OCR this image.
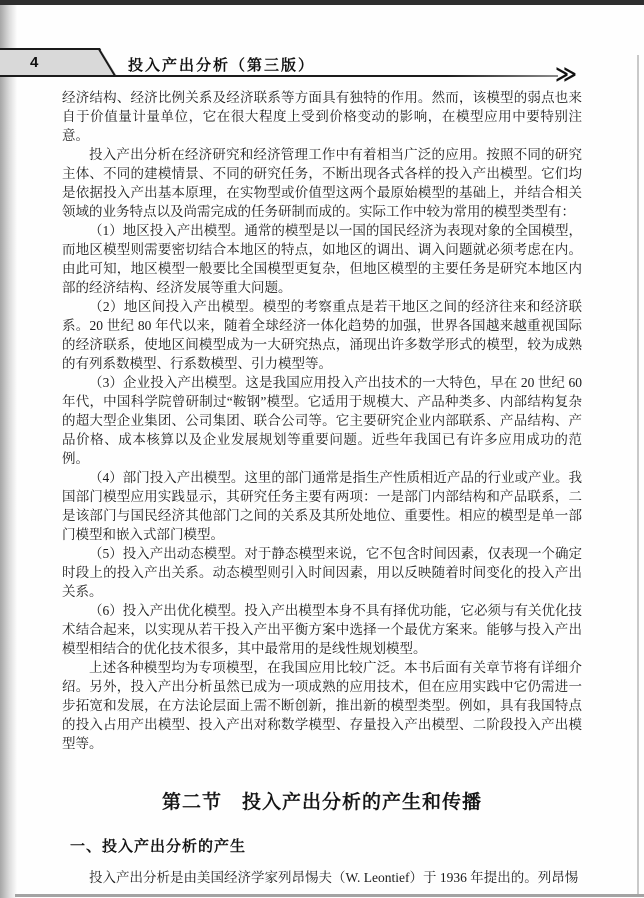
4	投入产出分析（第三版）	≫

经济结构、经济比例关系及经济联系等方面具有独特的作用。然而，该模型的弱点也来自于价值量计量单位，它在很大程度上受到价格变动的影响，在模型应用中要特别注意。

投入产出分析在经济研究和经济管理工作中有着相当广泛的应用。按照不同的研究主体、不同的建模情景、不同的研究任务，不断出现各式各样的投入产出模型。它们均是依据投入产出基本原理，在实物型或价值型这两个最原始模型的基础上，并结合相关领域的业务特点以及尚需完成的任务研制而成的。实际工作中较为常用的模型类型有：

（1）地区投入产出模型。通常的模型是以一国的国民经济为表现对象的全国模型，而地区模型则需要密切结合本地区的特点，如地区的调出、调入问题就必须考虑在内。由此可知，地区模型一般要比全国模型更复杂，但地区模型的主要任务是研究本地区内部的经济结构、经济发展等重大问题。

（2）地区间投入产出模型。模型的考察重点是若干地区之间的经济往来和经济联系。20 世纪 80 年代以来，随着全球经济一体化趋势的加强，世界各国越来越重视国际的经济联系，使地区间模型成为一大研究热点，涌现出许多数学形式的模型，较为成熟的有列系数模型、行系数模型、引力模型等。

（3）企业投入产出模型。这是我国应用投入产出技术的一大特色，早在 20 世纪 60 年代，中国科学院曾研制过“鞍钢”模型。它适用于规模大、产品种类多、内部结构复杂的超大型企业集团、公司集团、联合公司等。它主要研究企业内部联系、产品结构、产品价格、成本核算以及企业发展规划等重要问题。近些年我国已有许多应用成功的范例。

（4）部门投入产出模型。这里的部门通常是指生产性质相近产品的行业或产业。我国部门模型应用实践显示，其研究任务主要有两项：一是部门内部结构和产品联系，二是该部门与国民经济其他部门之间的关系及其所处地位、重要性。相应的模型是单一部门模型和嵌入式部门模型。

（5）投入产出动态模型。对于静态模型来说，它不包含时间因素，仅表现一个确定时段上的投入产出关系。动态模型则引入时间因素，用以反映随着时间变化的投入产出关系。

（6）投入产出优化模型。投入产出模型本身不具有择优功能，它必须与有关优化技术结合起来，以实现从若干投入产出平衡方案中选择一个最优方案来。能够与投入产出模型相结合的优化技术很多，其中最常用的是线性规划模型。

上述各种模型均为专项模型，在我国应用比较广泛。本书后面有关章节将有详细介绍。另外，投入产出分析虽然已成为一项成熟的应用技术，但在应用实践中它仍需进一步拓宽和发展，在方法论层面上需不断创新，推出新的模型类型。例如，具有我国特点的投入占用产出模型、投入产出对称数学模型、存量投入产出模型、二阶段投入产出模型等。

第二节　投入产出分析的产生和传播
一、投入产出分析的产生

投入产出分析是由美国经济学家列昂惕夫（W. Leontief）于 1936 年提出的。列昂惕
